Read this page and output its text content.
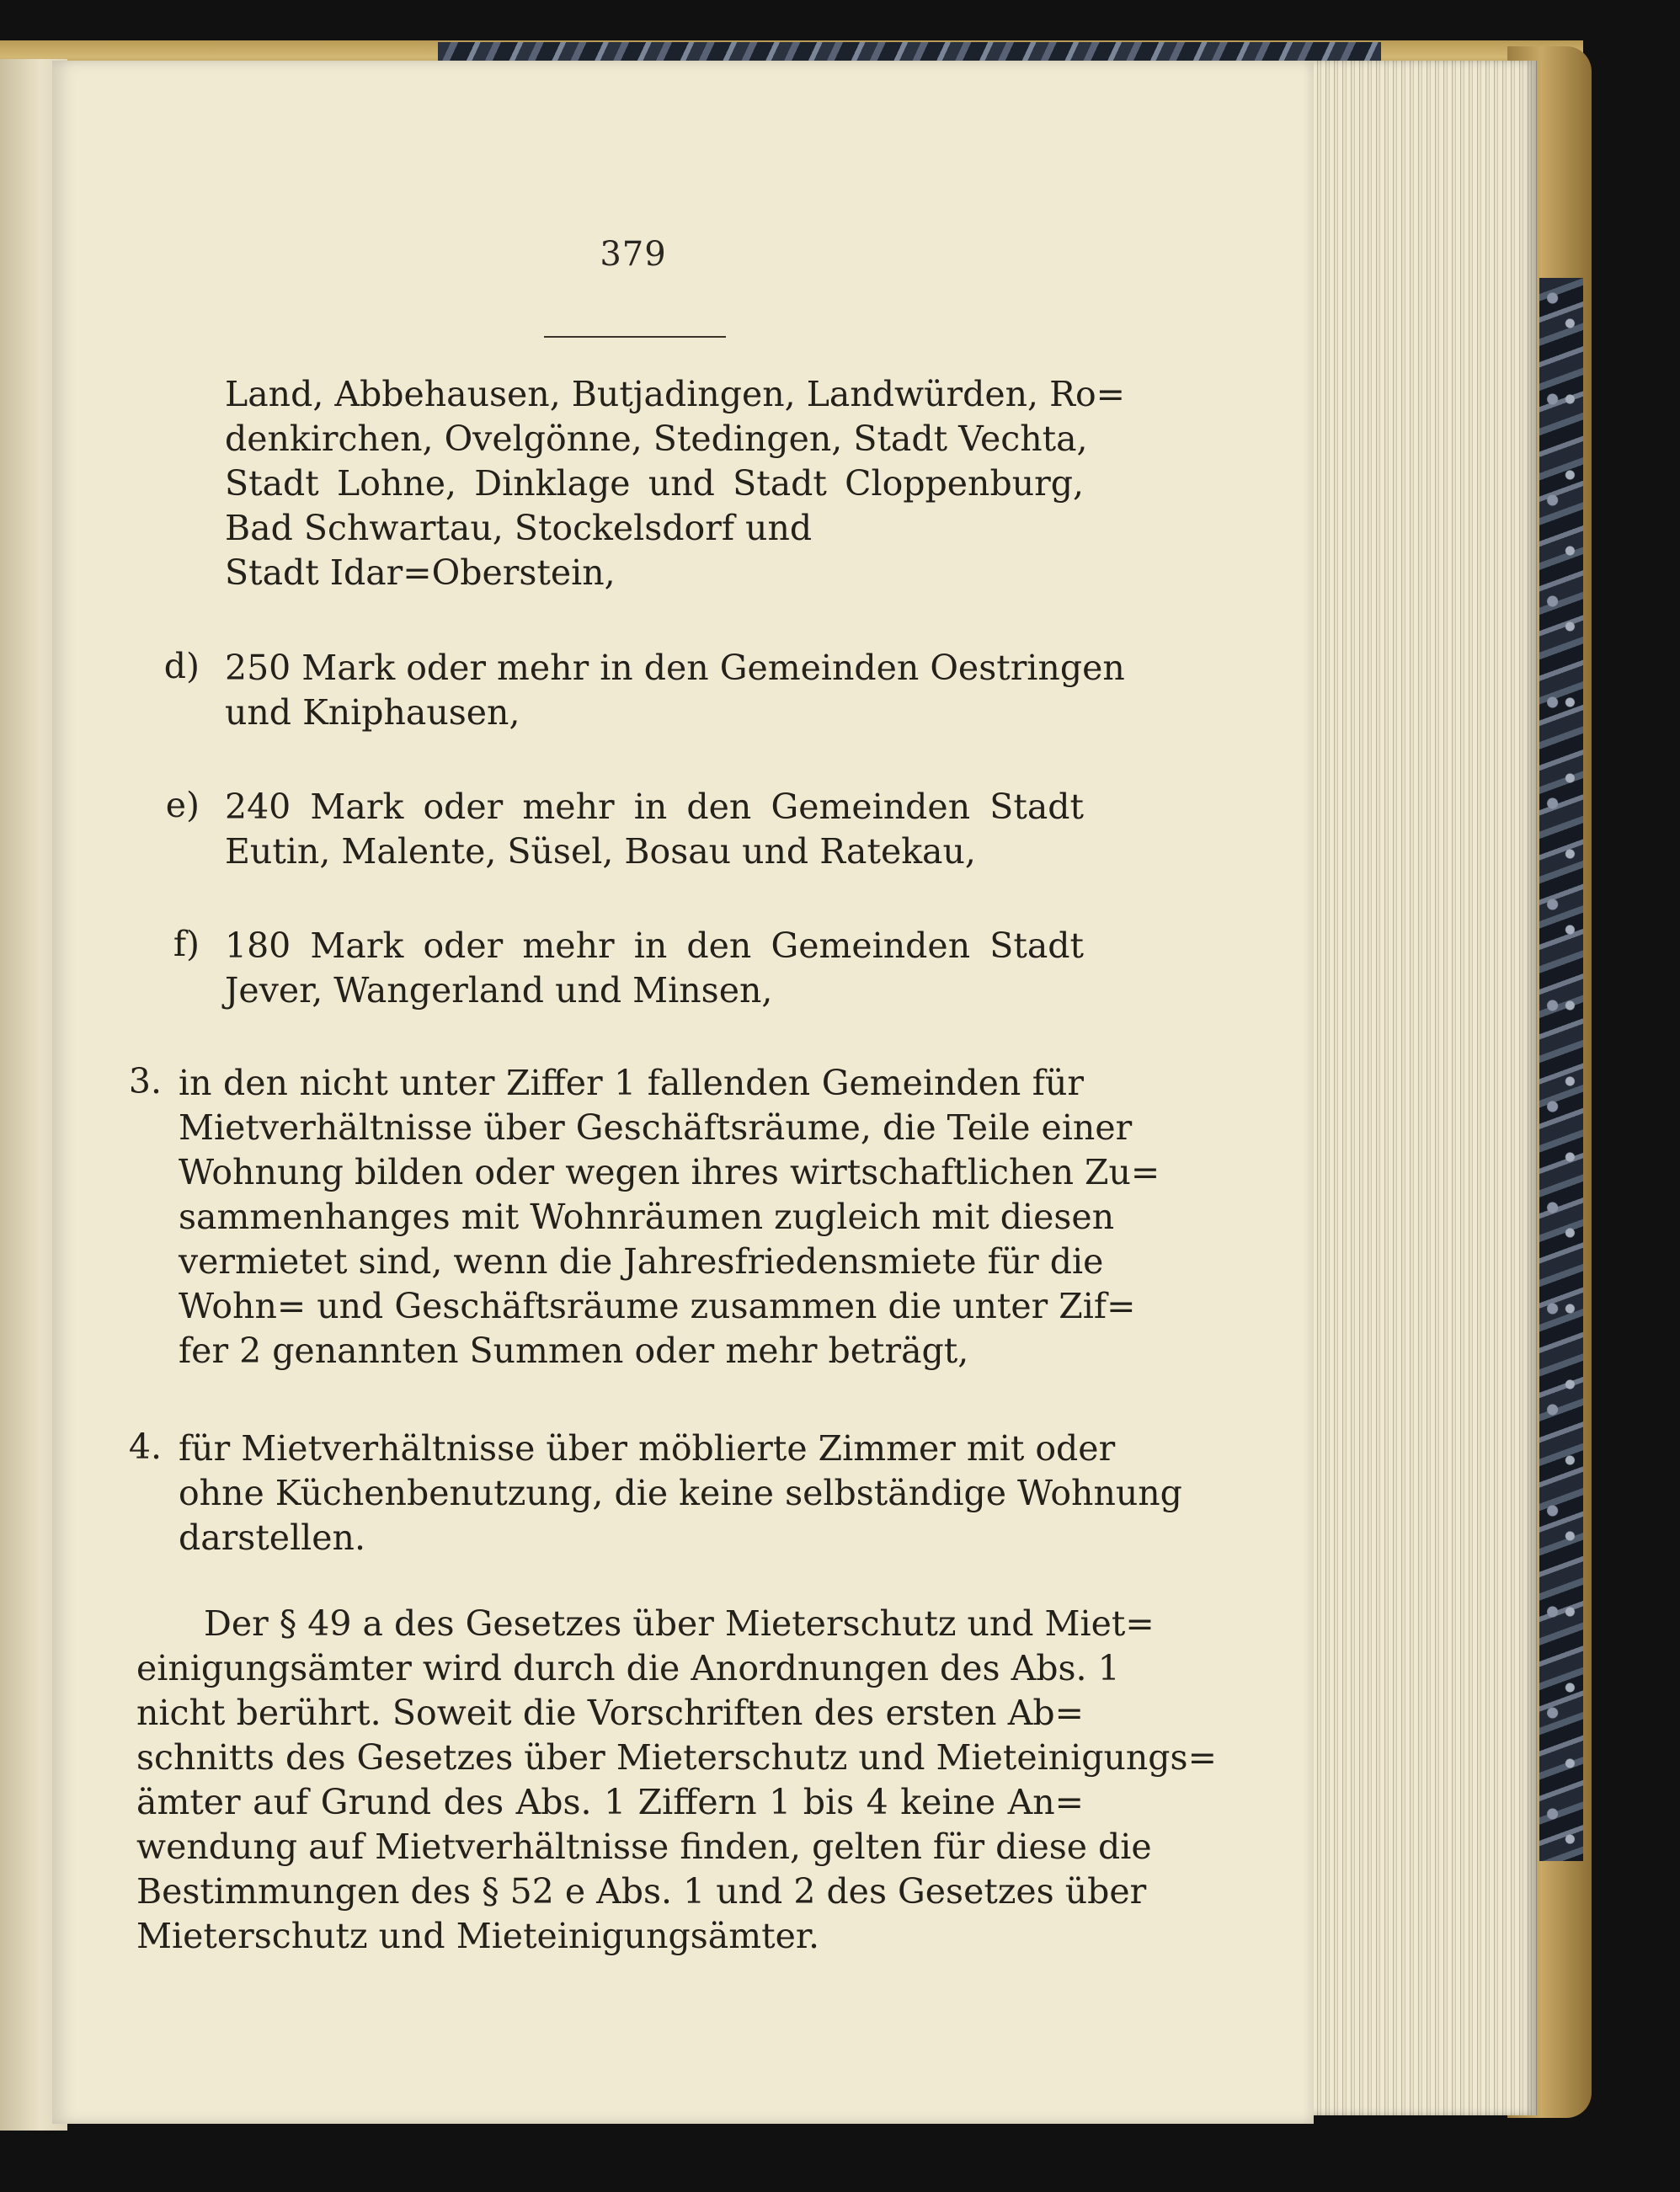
379
Land, Abbehausen, Butjadingen, Landwürden, Ro=
denkirchen, Ovelgönne, Stedingen, Stadt Vechta,
Stadt Lohne, Dinklage und Stadt Cloppenburg,
Bad Schwartau, Stockelsdorf und
Stadt Idar=Oberstein,
d) 250 Mark oder mehr in den Gemeinden Oestringen
und Kniphausen,
e) 240 Mark oder mehr in den Gemeinden Stadt
Eutin, Malente, Süsel, Bosau und Ratekau,
f) 180 Mark oder mehr in den Gemeinden Stadt
Jever, Wangerland und Minsen,
3. in den nicht unter Ziffer 1 fallenden Gemeinden für
Mietverhältnisse über Geschäftsräume, die Teile einer
Wohnung bilden oder wegen ihres wirtschaftlichen Zu=
sammenhanges mit Wohnräumen zugleich mit diesen
vermietet sind, wenn die Jahresfriedensmiete für die
Wohn= und Geschäftsräume zusammen die unter Zif=
fer 2 genannten Summen oder mehr beträgt,
4. für Mietverhältnisse über möblierte Zimmer mit oder
ohne Küchenbenutzung, die keine selbständige Wohnung
darstellen.
Der § 49 a des Gesetzes über Mieterschutz und Miet=
einigungsämter wird durch die Anordnungen des Abs. 1
nicht berührt. Soweit die Vorschriften des ersten Ab=
schnitts des Gesetzes über Mieterschutz und Mieteinigungs=
ämter auf Grund des Abs. 1 Ziffern 1 bis 4 keine An=
wendung auf Mietverhältnisse finden, gelten für diese die
Bestimmungen des § 52 e Abs. 1 und 2 des Gesetzes über
Mieterschutz und Mieteinigungsämter.
